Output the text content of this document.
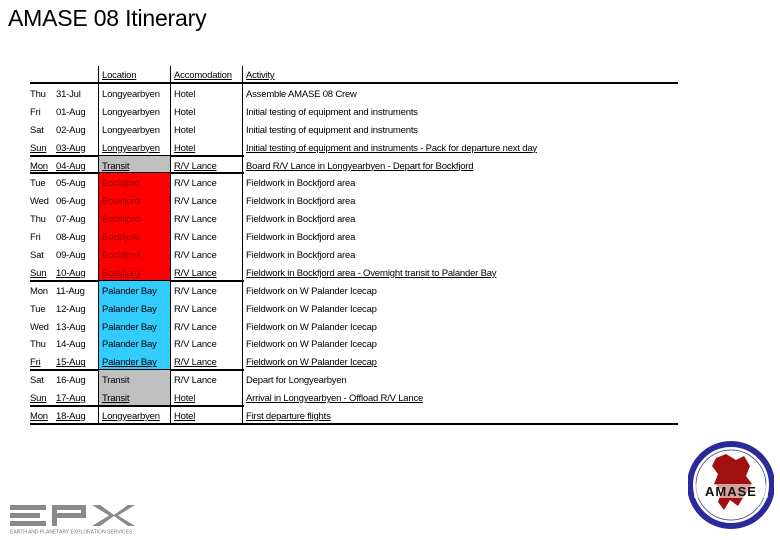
AMASE 08 Itinerary
Location	Accomodation	Activity
Thu	31-Jul	Longyearbyen	Hotel	Assemble AMASE 08 Crew
Fri	01-Aug	Longyearbyen	Hotel	Initial testing of equipment and instruments
Sat	02-Aug	Longyearbyen	Hotel	Initial testing of equipment and instruments
Sun	03-Aug	Longyearbyen	Hotel	Initial testing of equipment and instruments - Pack for departure next day
Mon 04-Aug	Transit	R/V Lance	Board R/V Lance in Longyearbyen - Depart for Bockfjord
Tue	05-Aug	Bockfjord	R/V Lance	Fieldwork in Bockfjord area
Wed 06-Aug	Bockfjord	R/V Lance	Fieldwork in Bockfjord area
Thu	07-Aug	Bockfjord	R/V Lance	Fieldwork in Bockfjord area
Fri	08-Aug	Bockfjord	R/V Lance	Fieldwork in Bockfjord area
Sat	09-Aug	Bockfjord	R/V Lance	Fieldwork in Bockfjord area
Sun	10-Aug	Bockfjord	R/V Lance	Fieldwork in Bockfjord area - Overnight transit to Palander Bay
Mon 11-Aug	Palander Bay	R/V Lance	Fieldwork on W Palander Icecap
Tue	12-Aug	Palander Bay	R/V Lance	Fieldwork on W Palander Icecap
Wed 13-Aug	Palander Bay	R/V Lance	Fieldwork on W Palander Icecap
Thu	14-Aug	Palander Bay	R/V Lance	Fieldwork on W Palander Icecap
Fri	15-Aug	Palander Bay	R/V Lance	Fieldwork on W Palander Icecap
Sat	16-Aug	Transit	R/V Lance	Depart for Longyearbyen
Sun	17-Aug	Transit	Hotel	Arrival in Longyearbyen - Offload R/V Lance
Mon 18-Aug	Longyearbyen	Hotel	First departure flights
EARTH AND PLANETARY EXPLORATION SERVICES
AMASE
